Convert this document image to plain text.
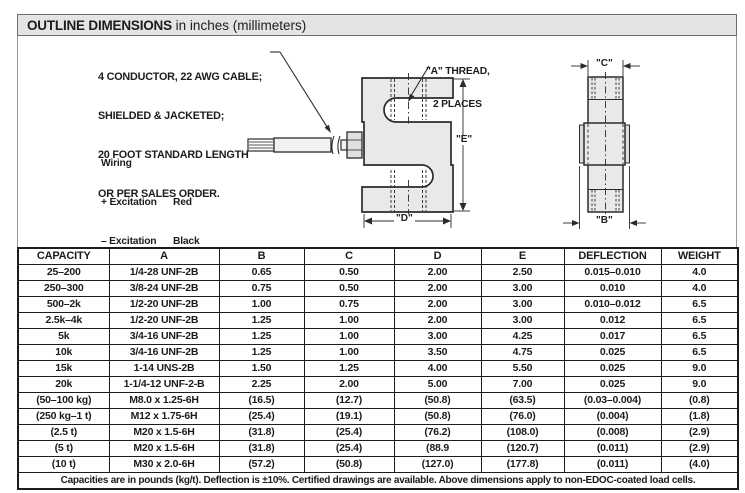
OUTLINE DIMENSIONS in inches (millimeters)

4 CONDUCTOR, 22 AWG CABLE;

SHIELDED & JACKETED;

20 FOOT STANDARD LENGTH

OR PER SALES ORDER.

Wiring

+ Excitation	Red

– Excitation	Black

"A" THREAD,

2 PLACES

"E"
"D"
"C"
"B"
CAPACITY	A	B	C	D	E	DEFLECTION	WEIGHT
25–200	1/4-28 UNF-2B	0.65	0.50	2.00	2.50	0.015–0.010	4.0
250–300	3/8-24 UNF-2B	0.75	0.50	2.00	3.00	0.010	4.0
500–2k	1/2-20 UNF-2B	1.00	0.75	2.00	3.00	0.010–0.012	6.5
2.5k–4k	1/2-20 UNF-2B	1.25	1.00	2.00	3.00	0.012	6.5
5k	3/4-16 UNF-2B	1.25	1.00	3.00	4.25	0.017	6.5
10k	3/4-16 UNF-2B	1.25	1.00	3.50	4.75	0.025	6.5
15k	1-14 UNS-2B	1.50	1.25	4.00	5.50	0.025	9.0
20k	1-1/4-12 UNF-2-B	2.25	2.00	5.00	7.00	0.025	9.0
(50–100 kg)	M8.0 x 1.25-6H	(16.5)	(12.7)	(50.8)	(63.5)	(0.03–0.004)	(0.8)
(250 kg–1 t)	M12 x 1.75-6H	(25.4)	(19.1)	(50.8)	(76.0)	(0.004)	(1.8)
(2.5 t)	M20 x 1.5-6H	(31.8)	(25.4)	(76.2)	(108.0)	(0.008)	(2.9)
(5 t)	M20 x 1.5-6H	(31.8)	(25.4)	(88.9	(120.7)	(0.011)	(2.9)
(10 t)	M30 x 2.0-6H	(57.2)	(50.8)	(127.0)	(177.8)	(0.011)	(4.0)
Capacities are in pounds (kg/t). Deflection is ±10%. Certified drawings are available. Above dimensions apply to non-EDOC-coated load cells.							
